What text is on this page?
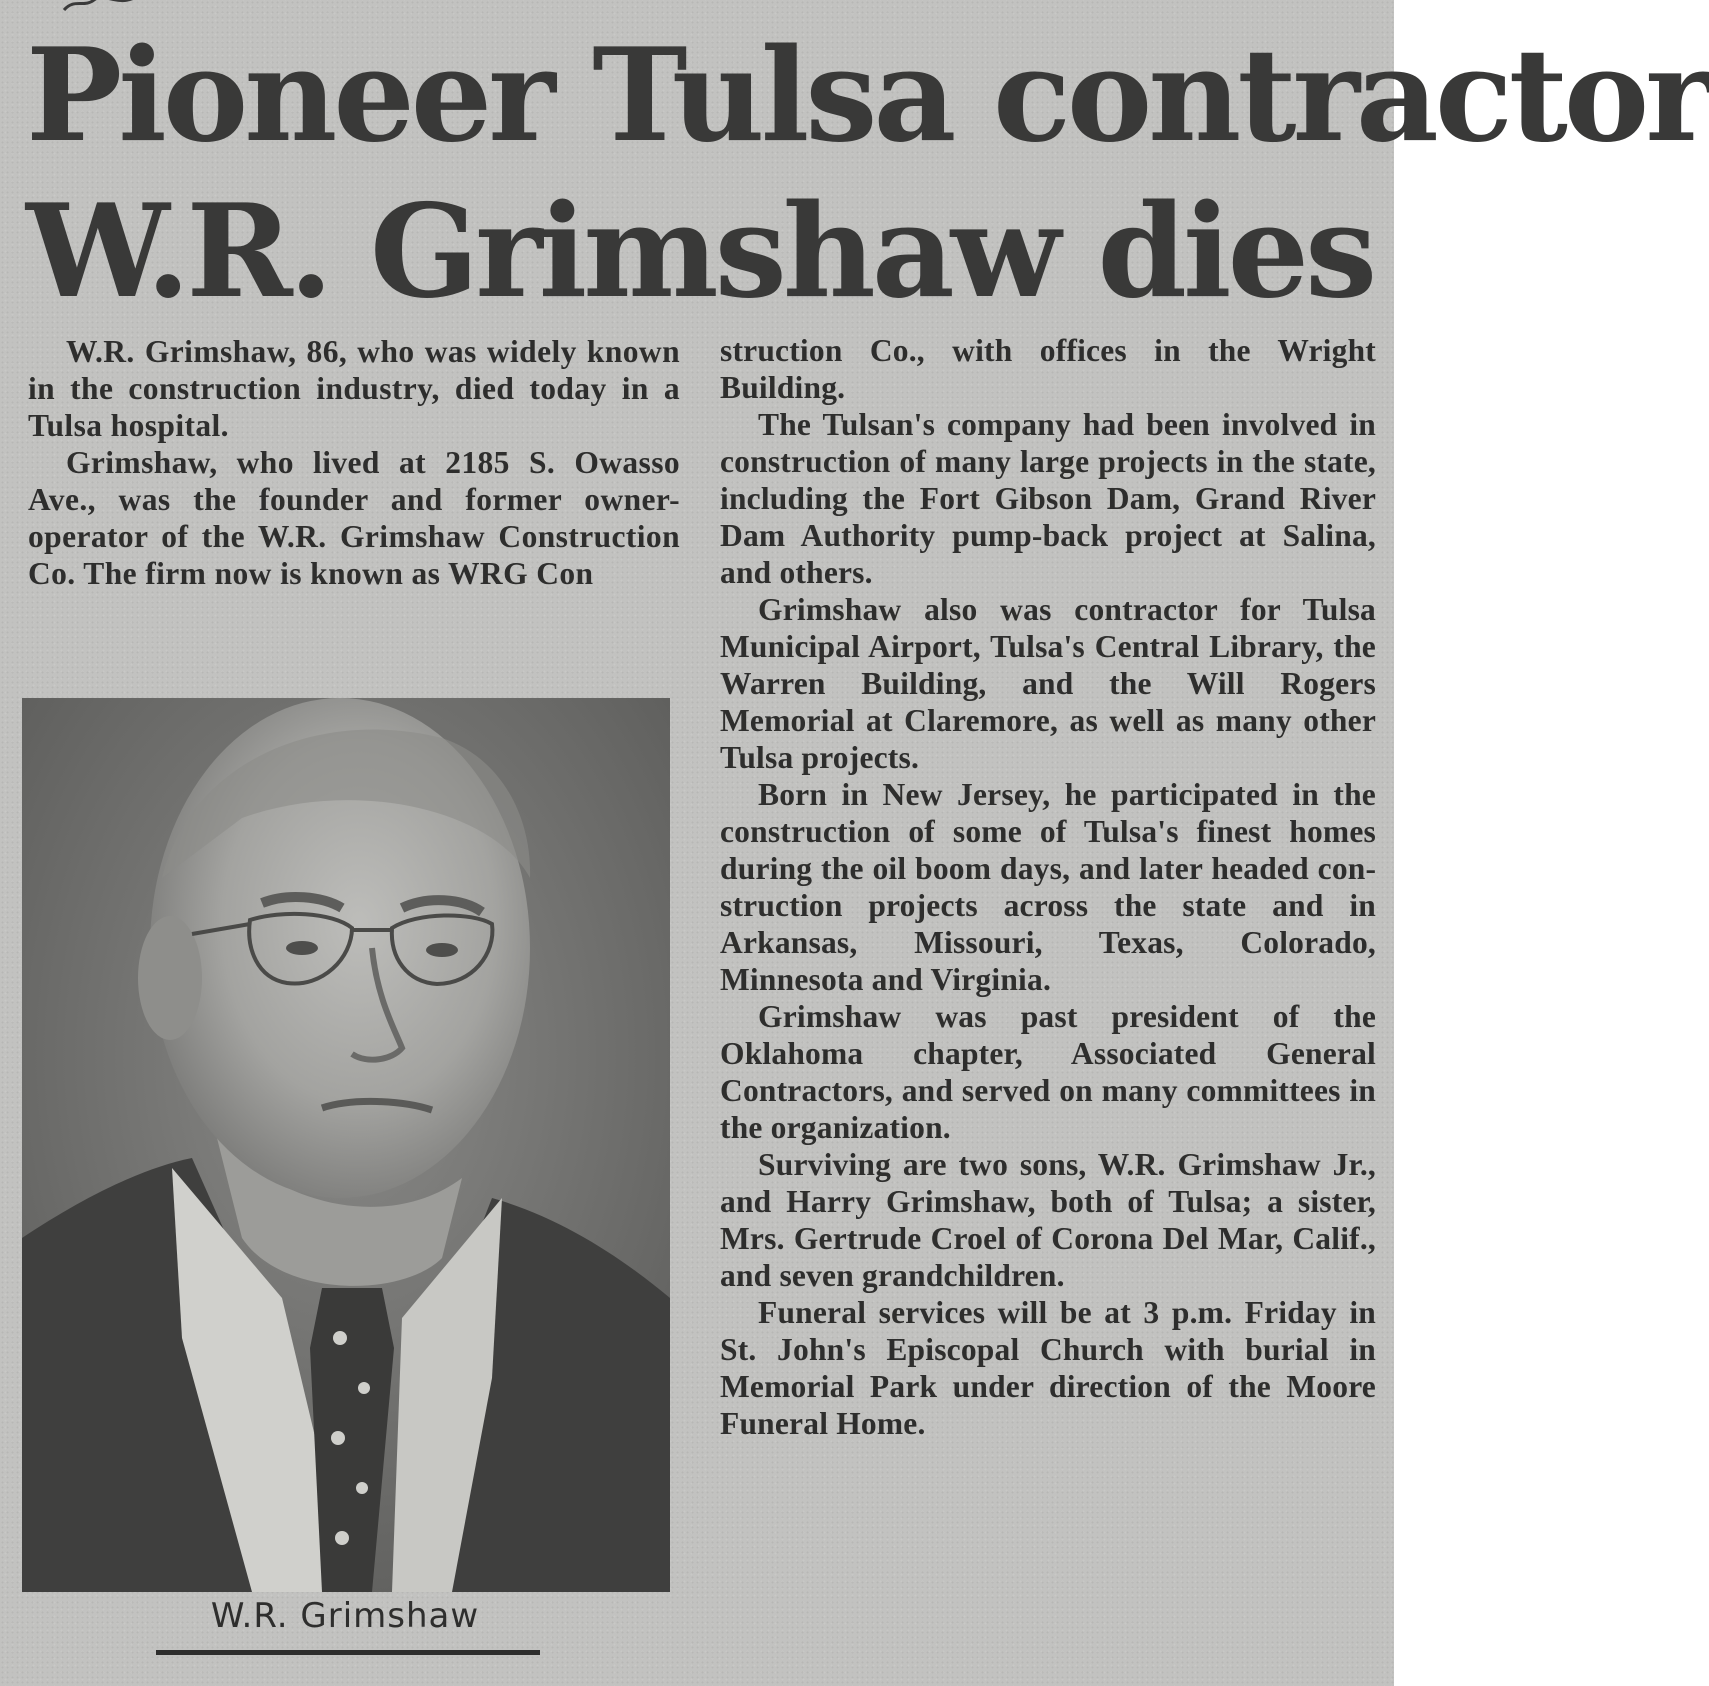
Pioneer Tulsa contractor
W.R. Grimshaw dies

W.R. Grimshaw, 86, who was widely known in the construction industry, died today in a Tulsa hospital.

Grimshaw, who lived at 2185 S. Owasso Ave., was the founder and former owner-operator of the W.R. Grimshaw Construction Co. The firm now is known as WRG Con

W.R. Grimshaw

struction Co., with offices in the Wright Building.

The Tulsan's company had been involved in construction of many large projects in the state, including the Fort Gibson Dam, Grand River Dam Authority pump-back project at Salina, and others.

Grimshaw also was contractor for Tulsa Municipal Airport, Tulsa's Central Library, the Warren Building, and the Will Rogers Memorial at Claremore, as well as many other Tulsa projects.

Born in New Jersey, he participated in the construction of some of Tulsa's finest homes during the oil boom days, and later headed construction projects across the state and in Arkansas, Missouri, Texas, Colorado, Minnesota and Virginia.

Grimshaw was past president of the Oklahoma chapter, Associated General Contractors, and served on many committees in the organization.

Surviving are two sons, W.R. Grimshaw Jr., and Harry Grimshaw, both of Tulsa; a sister, Mrs. Gertrude Croel of Corona Del Mar, Calif., and seven grandchildren.

Funeral services will be at 3 p.m. Friday in St. John's Episcopal Church with burial in Memorial Park under direction of the Moore Funeral Home.
